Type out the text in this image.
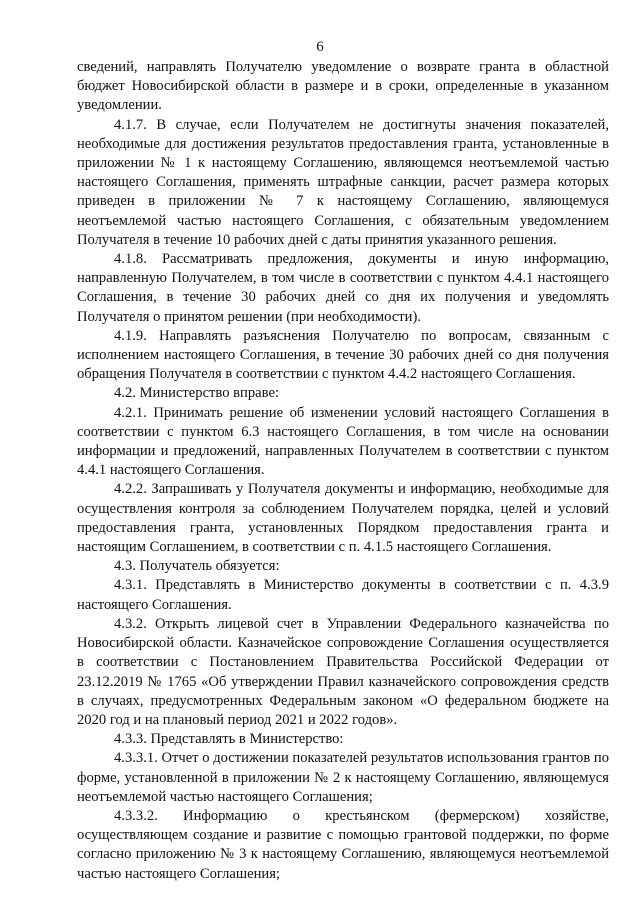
6

сведений, направлять Получателю уведомление о возврате гранта в областной бюджет Новосибирской области в размере и в сроки, определенные в указанном уведомлении.

4.1.7. В случае, если Получателем не достигнуты значения показателей, необходимые для достижения результатов предоставления гранта, установленные в приложении № 1 к настоящему Соглашению, являющемся неотъемлемой частью настоящего Соглашения, применять штрафные санкции, расчет размера которых приведен в приложении № 7 к настоящему Соглашению, являющемуся неотъемлемой частью настоящего Соглашения, с обязательным уведомлением Получателя в течение 10 рабочих дней с даты принятия указанного решения.

4.1.8. Рассматривать предложения, документы и иную информацию, направленную Получателем, в том числе в соответствии с пунктом 4.4.1 настоящего Соглашения, в течение 30 рабочих дней со дня их получения и уведомлять Получателя о принятом решении (при необходимости).

4.1.9. Направлять разъяснения Получателю по вопросам, связанным с исполнением настоящего Соглашения, в течение 30 рабочих дней со дня получения обращения Получателя в соответствии с пунктом 4.4.2 настоящего Соглашения.

4.2. Министерство вправе:

4.2.1. Принимать решение об изменении условий настоящего Соглашения в соответствии с пунктом 6.3 настоящего Соглашения, в том числе на основании информации и предложений, направленных Получателем в соответствии с пунктом 4.4.1 настоящего Соглашения.

4.2.2. Запрашивать у Получателя документы и информацию, необходимые для осуществления контроля за соблюдением Получателем порядка, целей и условий предоставления гранта, установленных Порядком предоставления гранта и настоящим Соглашением, в соответствии с п. 4.1.5 настоящего Соглашения.

4.3. Получатель обязуется:

4.3.1. Представлять в Министерство документы в соответствии с п. 4.3.9 настоящего Соглашения.

4.3.2. Открыть лицевой счет в Управлении Федерального казначейства по Новосибирской области. Казначейское сопровождение Соглашения осуществляется в соответствии с Постановлением Правительства Российской Федерации от 23.12.2019 № 1765 «Об утверждении Правил казначейского сопровождения средств в случаях, предусмотренных Федеральным законом «О федеральном бюджете на 2020 год и на плановый период 2021 и 2022 годов».

4.3.3. Представлять в Министерство:

4.3.3.1. Отчет о достижении показателей результатов использования грантов по форме, установленной в приложении № 2 к настоящему Соглашению, являющемуся неотъемлемой частью настоящего Соглашения;

4.3.3.2. Информацию о крестьянском (фермерском) хозяйстве, осуществляющем создание и развитие с помощью грантовой поддержки, по форме согласно приложению № 3 к настоящему Соглашению, являющемуся неотъемлемой частью настоящего Соглашения;
